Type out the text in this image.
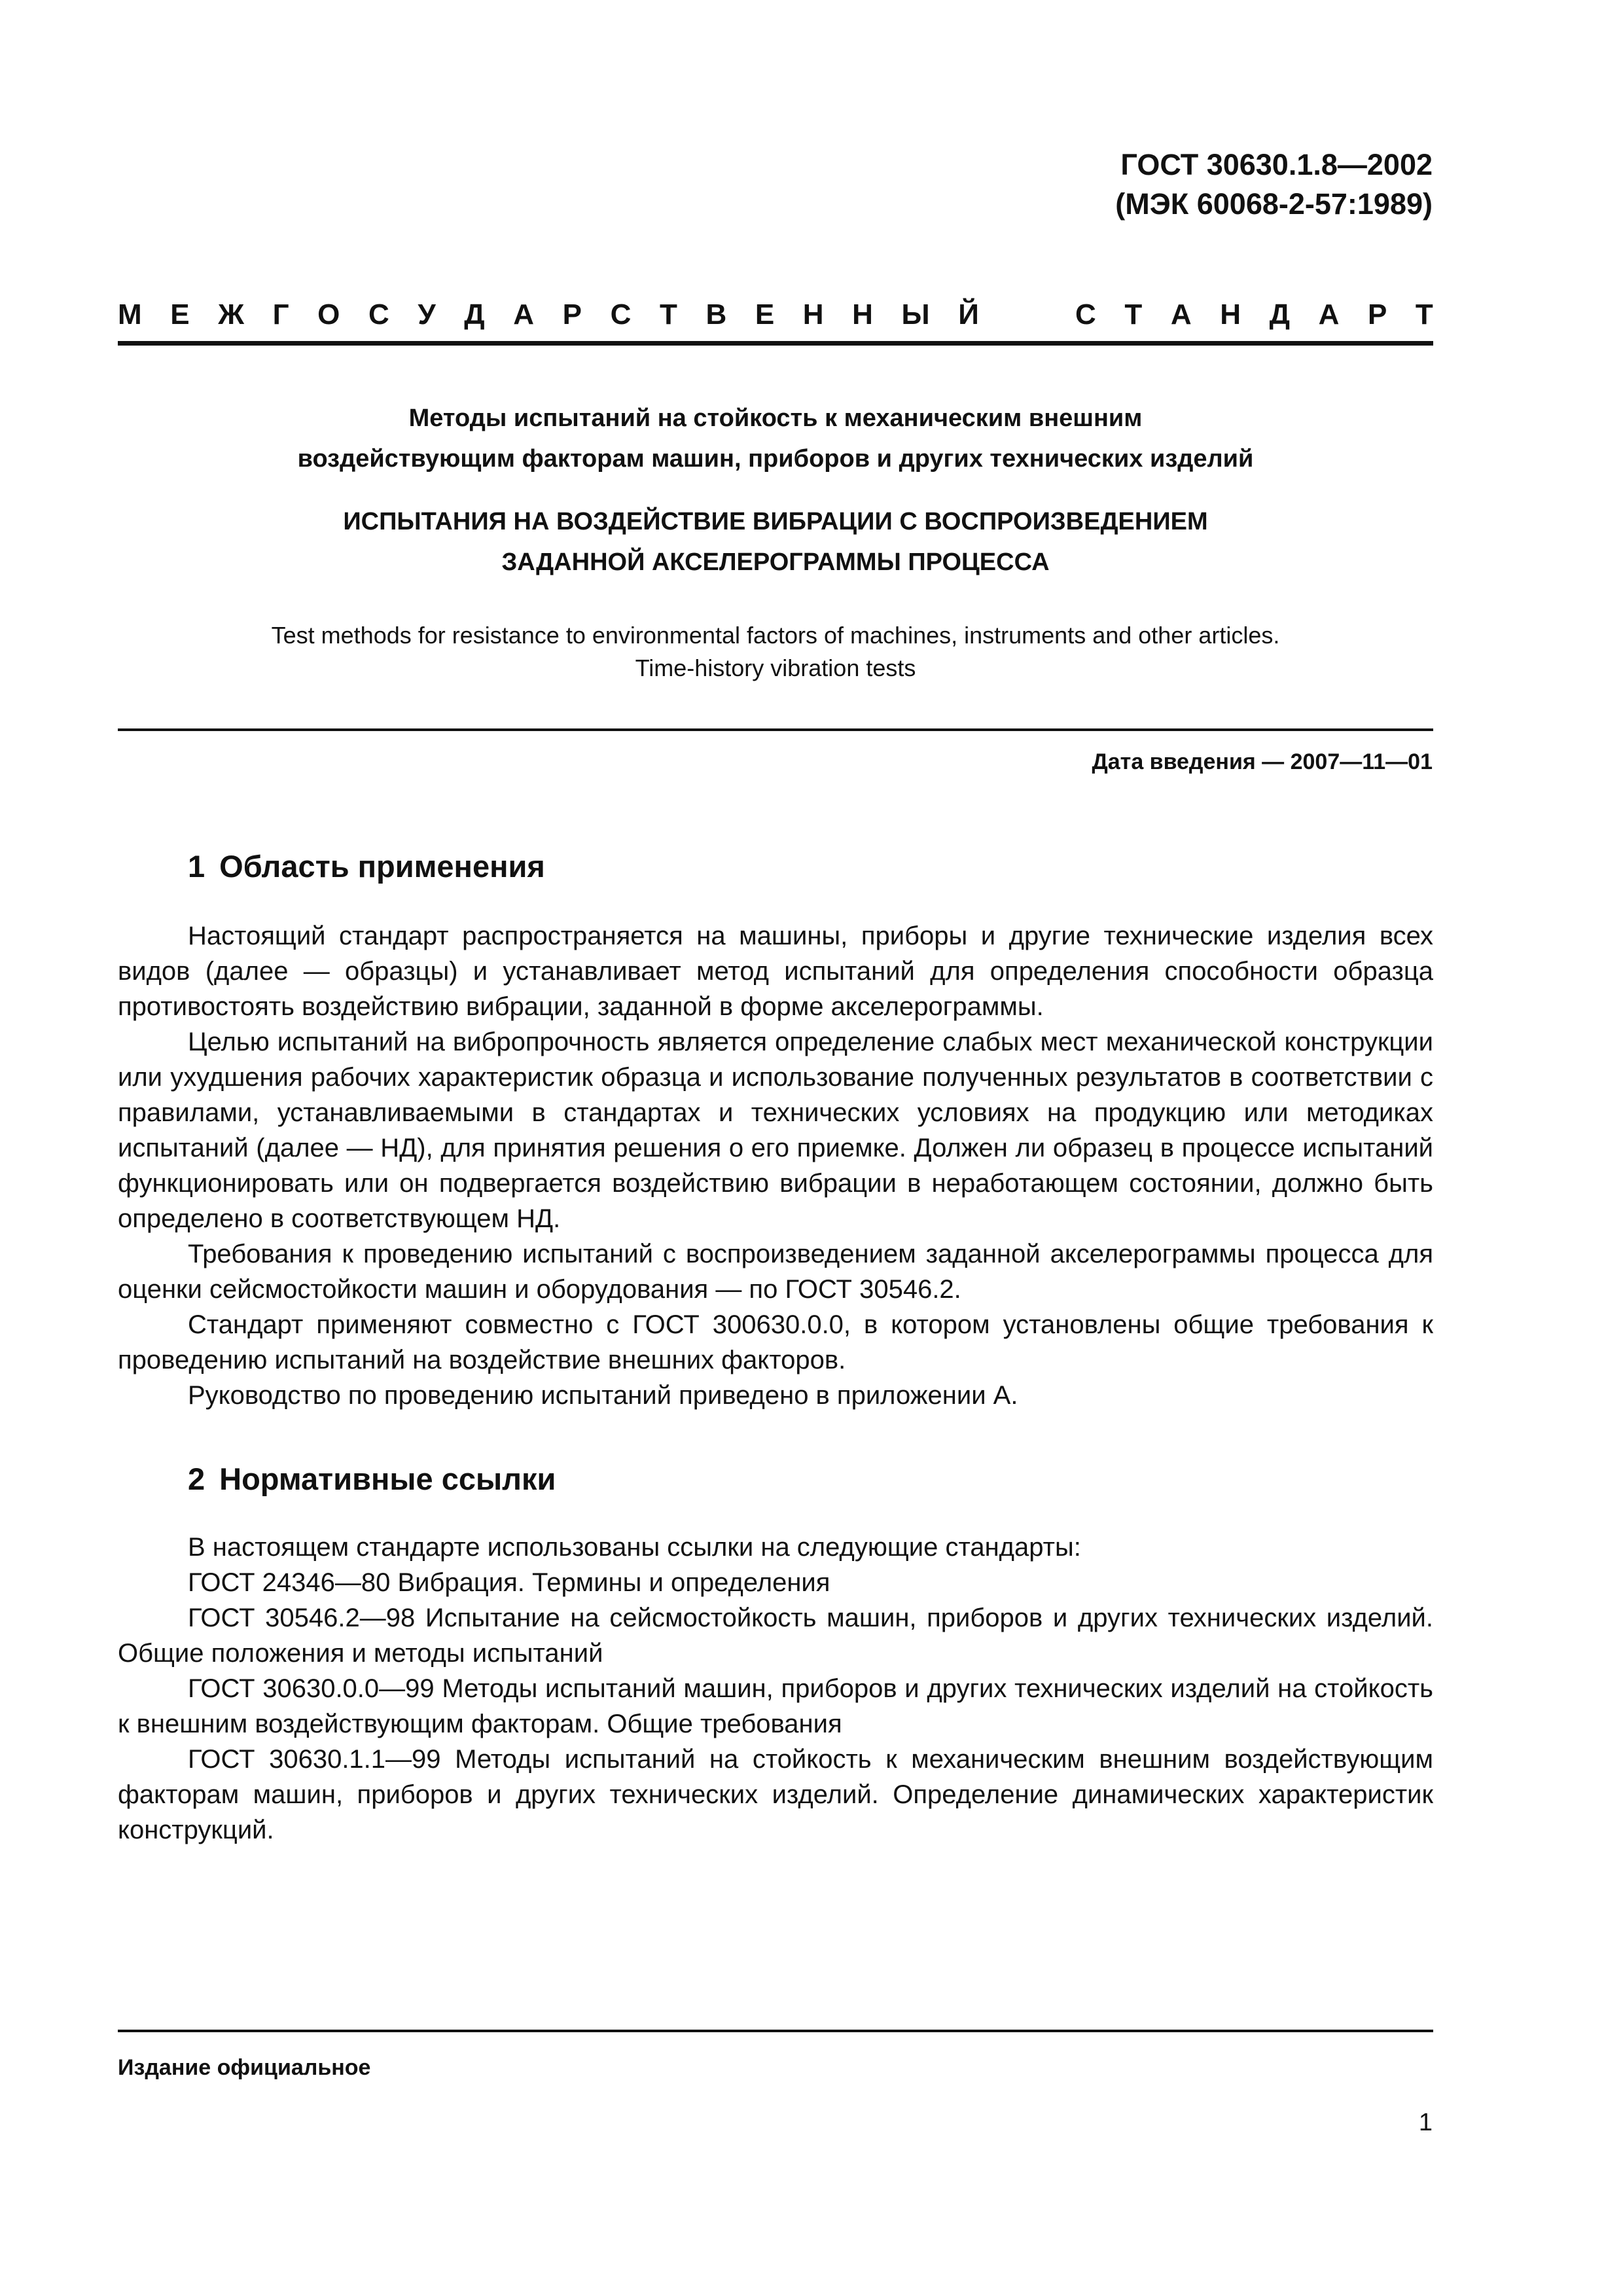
ГОСТ 30630.1.8—2002
(МЭК 60068-2-57:1989)
М Е Ж Г О С У Д А Р С Т В Е Н Н Ы Й	С Т А Н Д А Р Т
Методы испытаний на стойкость к механическим внешним
воздействующим факторам машин, приборов и других технических изделий
ИСПЫТАНИЯ НА ВОЗДЕЙСТВИЕ ВИБРАЦИИ С ВОСПРОИЗВЕДЕНИЕМ
ЗАДАННОЙ АКСЕЛЕРОГРАММЫ ПРОЦЕССА
Test methods for resistance to environmental factors of machines, instruments and other articles.
Time-history vibration tests
Дата введения — 2007—11—01
1 Область применения

Настоящий стандарт распространяется на машины, приборы и другие технические изделия всех видов (далее — образцы) и устанавливает метод испытаний для определения способности образца противостоять воздействию вибрации, заданной в форме акселерограммы.

Целью испытаний на вибропрочность является определение слабых мест механической конструкции или ухудшения рабочих характеристик образца и использование полученных результатов в соответствии с правилами, устанавливаемыми в стандартах и технических условиях на продукцию или методиках испытаний (далее — НД), для принятия решения о его приемке. Должен ли образец в процессе испытаний функционировать или он подвергается воздействию вибрации в неработающем состоянии, должно быть определено в соответствующем НД.

Требования к проведению испытаний с воспроизведением заданной акселерограммы процесса для оценки сейсмостойкости машин и оборудования — по ГОСТ 30546.2.

Стандарт применяют совместно с ГОСТ 300630.0.0, в котором установлены общие требования к проведению испытаний на воздействие внешних факторов.

Руководство по проведению испытаний приведено в приложении А.

2 Нормативные ссылки

В настоящем стандарте использованы ссылки на следующие стандарты:

ГОСТ 24346—80 Вибрация. Термины и определения

ГОСТ 30546.2—98 Испытание на сейсмостойкость машин, приборов и других технических изделий. Общие положения и методы испытаний

ГОСТ 30630.0.0—99 Методы испытаний машин, приборов и других технических изделий на стойкость к внешним воздействующим факторам. Общие требования

ГОСТ 30630.1.1—99 Методы испытаний на стойкость к механическим внешним воздействующим факторам машин, приборов и других технических изделий. Определение динамических характеристик конструкций.

Издание официальное
1
